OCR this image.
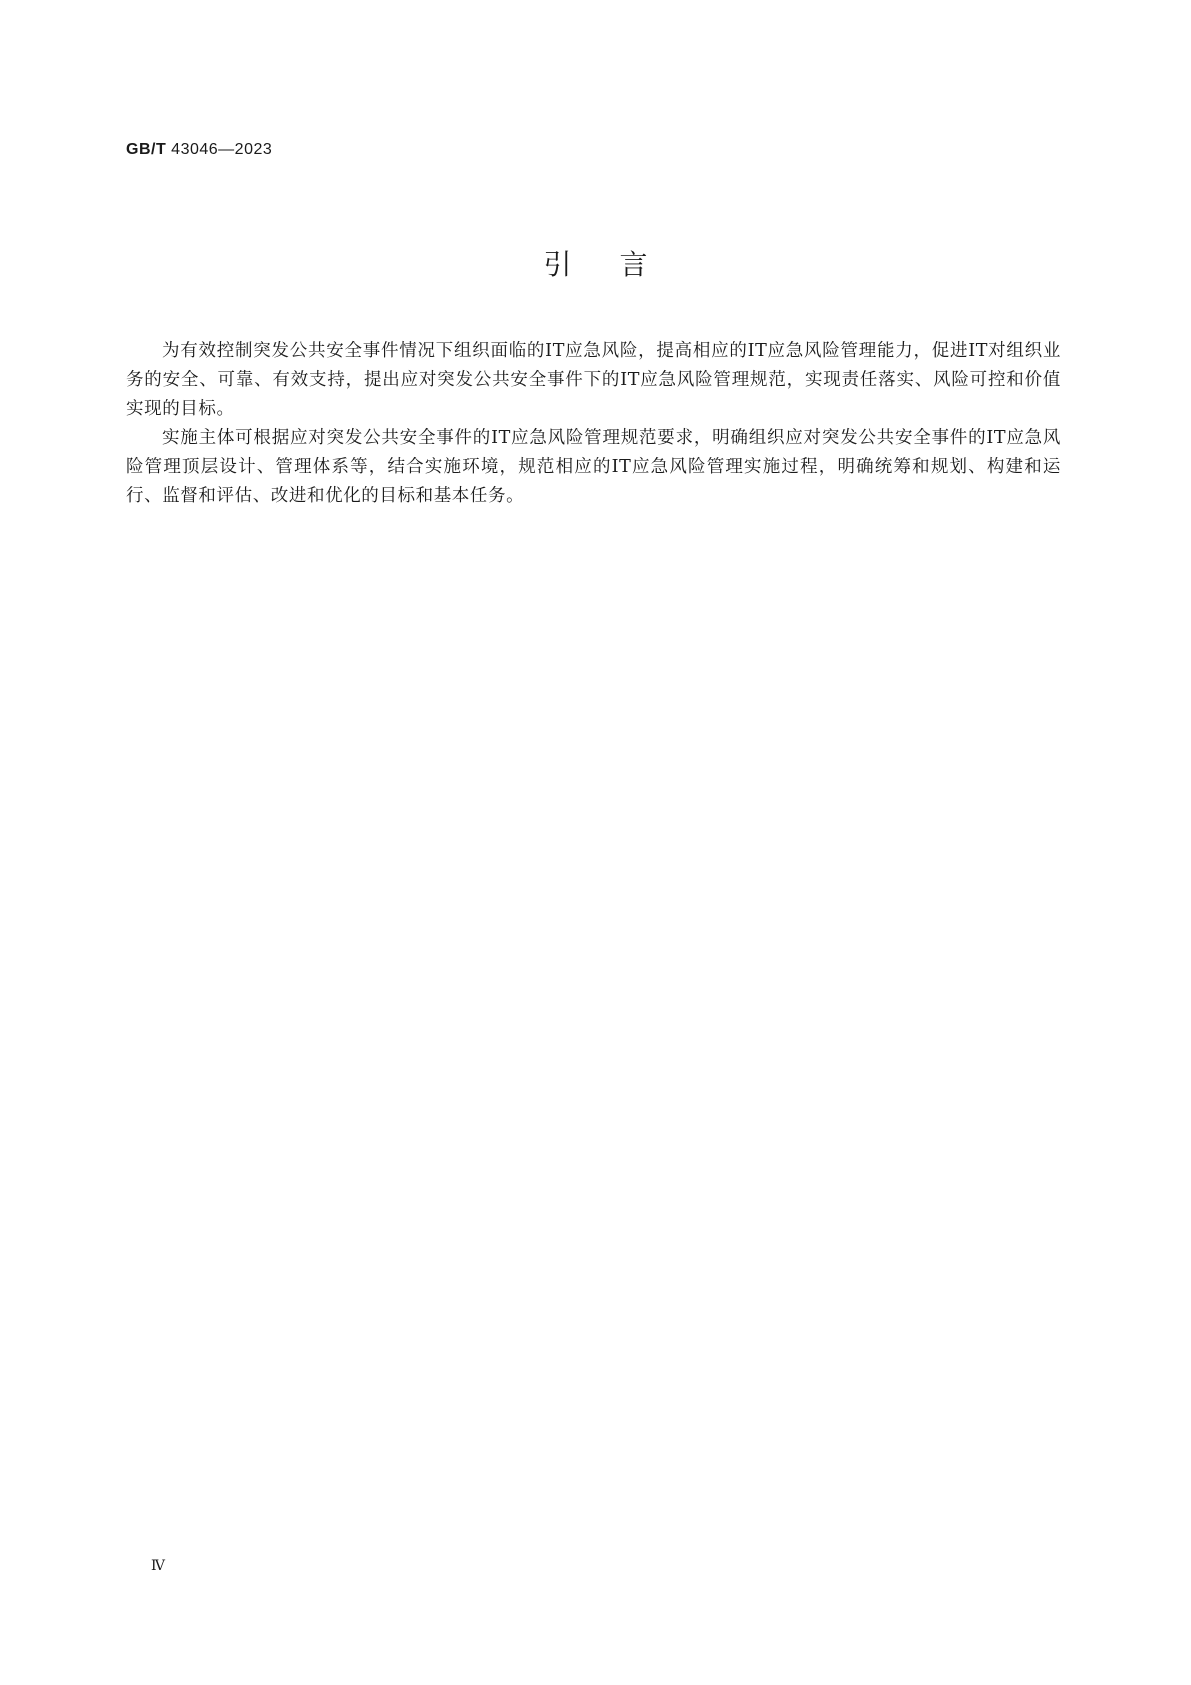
GB/T 43046—2023
引言

为有效控制突发公共安全事件情况下组织面临的IT应急风险，提高相应的IT应急风险管理能力，促进IT对组织业务的安全、可靠、有效支持，提出应对突发公共安全事件下的IT应急风险管理规范，实现责任落实、风险可控和价值实现的目标。

实施主体可根据应对突发公共安全事件的IT应急风险管理规范要求，明确组织应对突发公共安全事件的IT应急风险管理顶层设计、管理体系等，结合实施环境，规范相应的IT应急风险管理实施过程，明确统筹和规划、构建和运行、监督和评估、改进和优化的目标和基本任务。

Ⅳ
